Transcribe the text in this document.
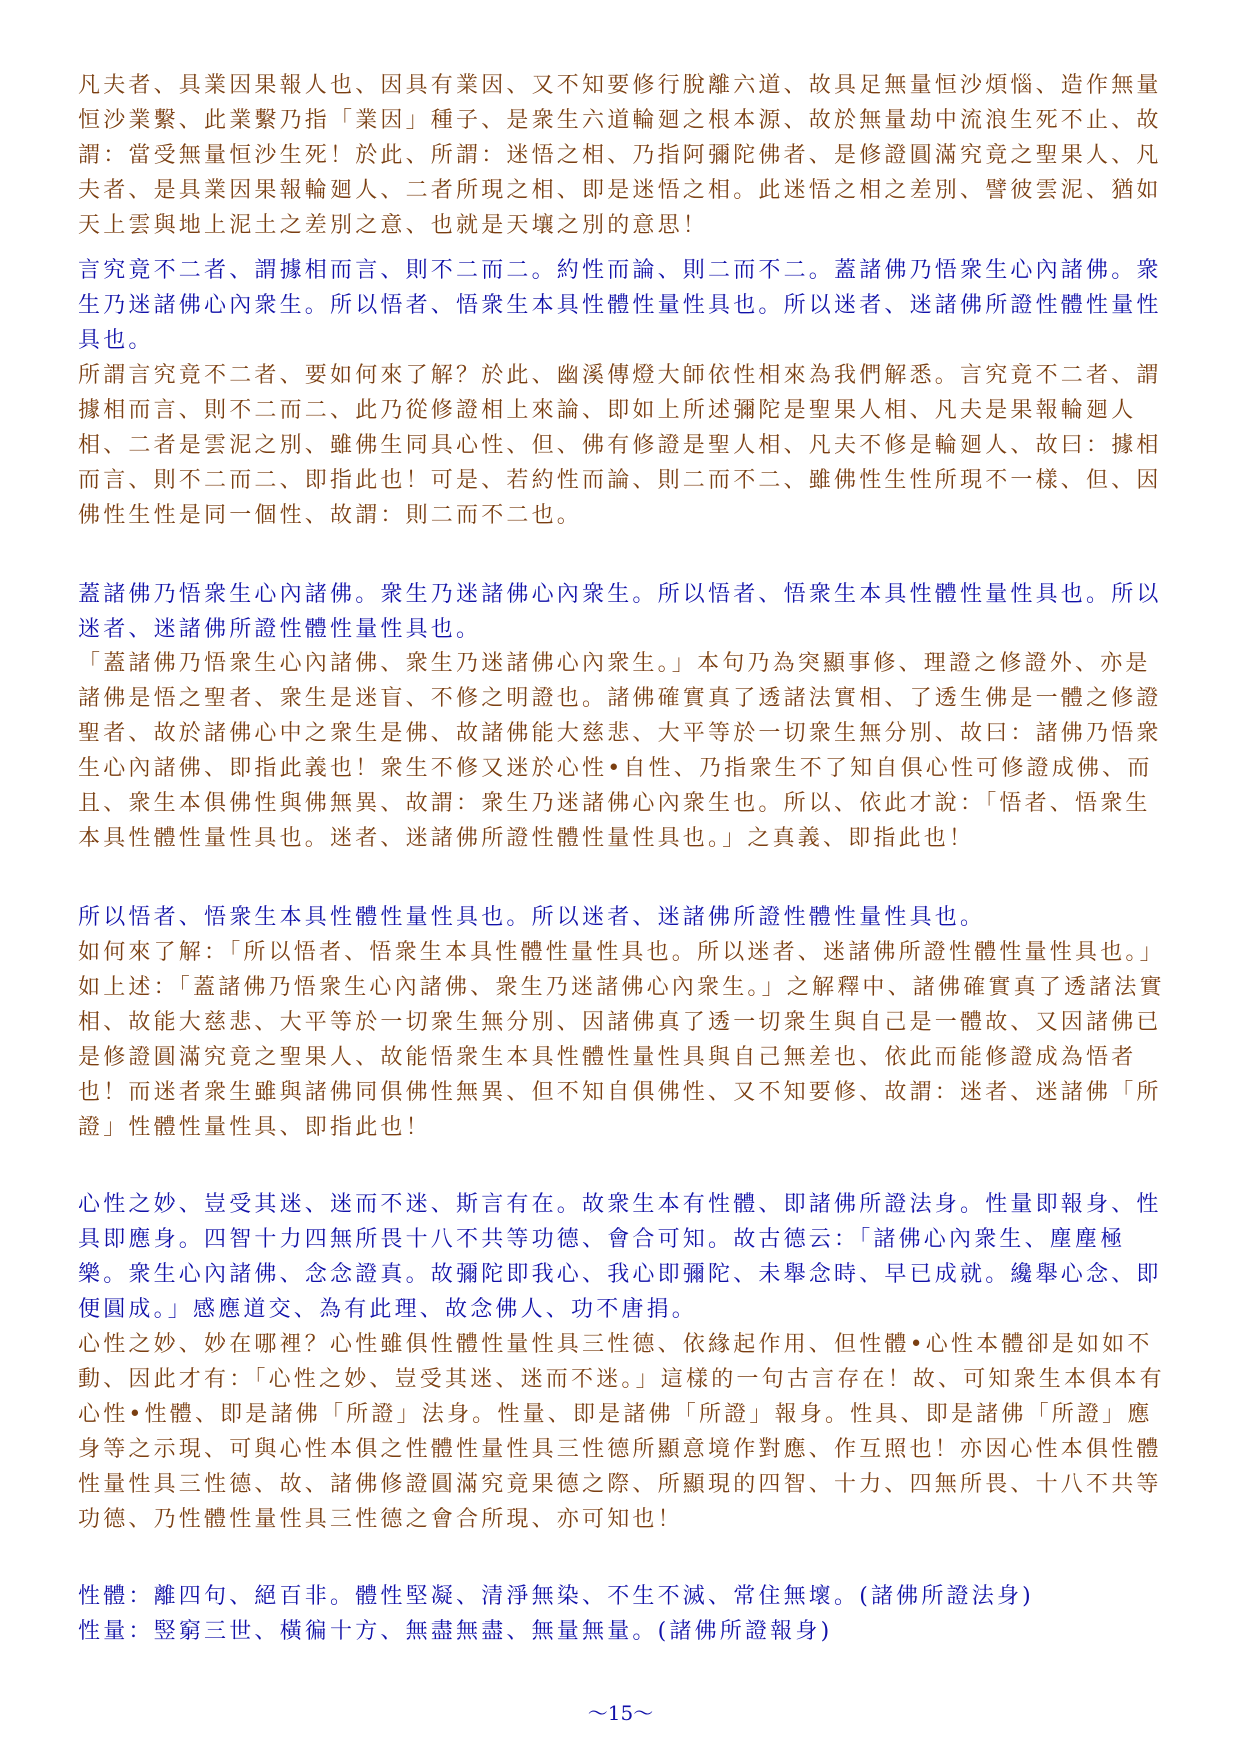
凡夫者、具業因果報人也、因具有業因、又不知要修行脫離六道、故具足無量恒沙煩惱、造作無量恒沙業繫、此業繫乃指「業因」種子、是衆生六道輪廻之根本源、故於無量劫中流浪生死不止、故謂：當受無量恒沙生死！於此、所謂：迷悟之相、乃指阿彌陀佛者、是修證圓滿究竟之聖果人、凡夫者、是具業因果報輪廻人、二者所現之相、即是迷悟之相。此迷悟之相之差別、譬彼雲泥、猶如天上雲與地上泥土之差別之意、也就是天壤之別的意思！

言究竟不二者、謂據相而言、則不二而二。約性而論、則二而不二。蓋諸佛乃悟衆生心內諸佛。衆生乃迷諸佛心內衆生。所以悟者、悟衆生本具性體性量性具也。所以迷者、迷諸佛所證性體性量性具也。

所謂言究竟不二者、要如何來了解？於此、幽溪傳燈大師依性相來為我們解悉。言究竟不二者、謂據相而言、則不二而二、此乃從修證相上來論、即如上所述彌陀是聖果人相、凡夫是果報輪廻人相、二者是雲泥之別、雖佛生同具心性、但、佛有修證是聖人相、凡夫不修是輪廻人、故曰：據相而言、則不二而二、即指此也！可是、若約性而論、則二而不二、雖佛性生性所現不一樣、但、因佛性生性是同一個性、故謂：則二而不二也。

蓋諸佛乃悟衆生心內諸佛。衆生乃迷諸佛心內衆生。所以悟者、悟衆生本具性體性量性具也。所以迷者、迷諸佛所證性體性量性具也。

「蓋諸佛乃悟衆生心內諸佛、衆生乃迷諸佛心內衆生。」本句乃為突顯事修、理證之修證外、亦是諸佛是悟之聖者、衆生是迷盲、不修之明證也。諸佛確實真了透諸法實相、了透生佛是一體之修證聖者、故於諸佛心中之衆生是佛、故諸佛能大慈悲、大平等於一切衆生無分別、故曰：諸佛乃悟衆生心內諸佛、即指此義也！衆生不修又迷於心性•自性、乃指衆生不了知自俱心性可修證成佛、而且、衆生本俱佛性與佛無異、故謂：衆生乃迷諸佛心內衆生也。所以、依此才說：「悟者、悟衆生本具性體性量性具也。迷者、迷諸佛所證性體性量性具也。」之真義、即指此也！

所以悟者、悟衆生本具性體性量性具也。所以迷者、迷諸佛所證性體性量性具也。

如何來了解：「所以悟者、悟衆生本具性體性量性具也。所以迷者、迷諸佛所證性體性量性具也。」如上述：「蓋諸佛乃悟衆生心內諸佛、衆生乃迷諸佛心內衆生。」之解釋中、諸佛確實真了透諸法實相、故能大慈悲、大平等於一切衆生無分別、因諸佛真了透一切衆生與自己是一體故、又因諸佛已是修證圓滿究竟之聖果人、故能悟衆生本具性體性量性具與自己無差也、依此而能修證成為悟者也！而迷者衆生雖與諸佛同俱佛性無異、但不知自俱佛性、又不知要修、故謂：迷者、迷諸佛「所證」性體性量性具、即指此也！

心性之妙、豈受其迷、迷而不迷、斯言有在。故衆生本有性體、即諸佛所證法身。性量即報身、性具即應身。四智十力四無所畏十八不共等功德、會合可知。故古德云：「諸佛心內衆生、塵塵極樂。衆生心內諸佛、念念證真。故彌陀即我心、我心即彌陀、未舉念時、早已成就。纔舉心念、即便圓成。」感應道交、為有此理、故念佛人、功不唐捐。

心性之妙、妙在哪裡？心性雖俱性體性量性具三性德、依緣起作用、但性體•心性本體卻是如如不動、因此才有：「心性之妙、豈受其迷、迷而不迷。」這樣的一句古言存在！故、可知衆生本俱本有心性•性體、即是諸佛「所證」法身。性量、即是諸佛「所證」報身。性具、即是諸佛「所證」應身等之示現、可與心性本俱之性體性量性具三性德所顯意境作對應、作互照也！亦因心性本俱性體性量性具三性德、故、諸佛修證圓滿究竟果德之際、所顯現的四智、十力、四無所畏、十八不共等功德、乃性體性量性具三性德之會合所現、亦可知也！

性體：離四句、絕百非。體性堅凝、清淨無染、不生不滅、常住無壞。(諸佛所證法身)
性量：竪窮三世、橫徧十方、無盡無盡、無量無量。(諸佛所證報身)

～15～
